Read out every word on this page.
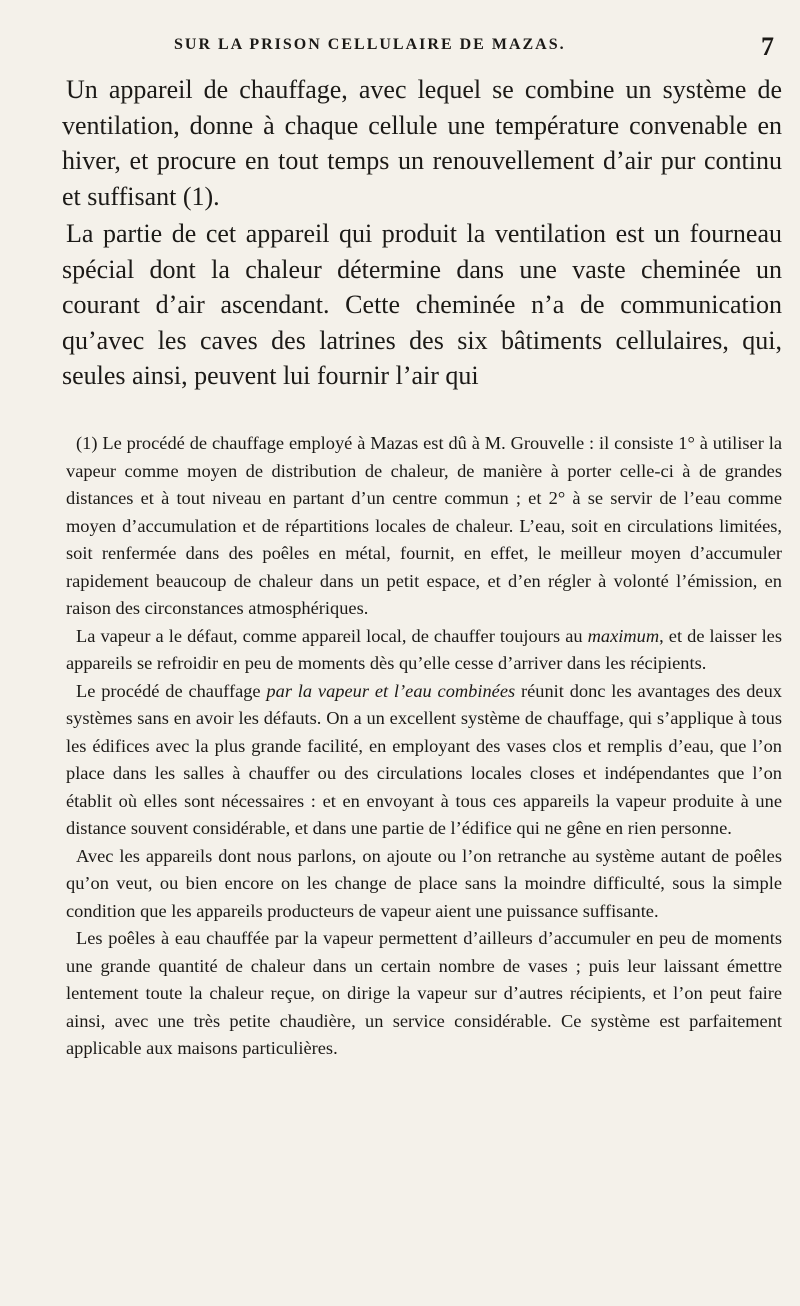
SUR LA PRISON CELLULAIRE DE MAZAS.	7

Un appareil de chauffage, avec lequel se combine un système de ventilation, donne à chaque cellule une température convenable en hiver, et procure en tout temps un renouvellement d’air pur continu et suffisant (1).

La partie de cet appareil qui produit la ventilation est un fourneau spécial dont la chaleur détermine dans une vaste cheminée un courant d’air ascendant. Cette cheminée n’a de communication qu’avec les caves des latrines des six bâtiments cellulaires, qui, seules ainsi, peuvent lui fournir l’air qui

(1) Le procédé de chauffage employé à Mazas est dû à M. Grouvelle : il consiste 1° à utiliser la vapeur comme moyen de distribution de chaleur, de manière à porter celle-ci à de grandes distances et à tout niveau en partant d’un centre commun ; et 2° à se servir de l’eau comme moyen d’accumulation et de répartitions locales de chaleur. L’eau, soit en circulations limitées, soit renfermée dans des poêles en métal, fournit, en effet, le meilleur moyen d’accumuler rapidement beaucoup de chaleur dans un petit espace, et d’en régler à volonté l’émission, en raison des circonstances atmosphériques.

La vapeur a le défaut, comme appareil local, de chauffer toujours au maximum, et de laisser les appareils se refroidir en peu de moments dès qu’elle cesse d’arriver dans les récipients.

Le procédé de chauffage par la vapeur et l’eau combinées réunit donc les avantages des deux systèmes sans en avoir les défauts. On a un excellent système de chauffage, qui s’applique à tous les édifices avec la plus grande facilité, en employant des vases clos et remplis d’eau, que l’on place dans les salles à chauffer ou des circulations locales closes et indépendantes que l’on établit où elles sont nécessaires : et en envoyant à tous ces appareils la vapeur produite à une distance souvent considérable, et dans une partie de l’édifice qui ne gêne en rien personne.

Avec les appareils dont nous parlons, on ajoute ou l’on retranche au système autant de poêles qu’on veut, ou bien encore on les change de place sans la moindre difficulté, sous la simple condition que les appareils producteurs de vapeur aient une puissance suffisante.

Les poêles à eau chauffée par la vapeur permettent d’ailleurs d’accumuler en peu de moments une grande quantité de chaleur dans un certain nombre de vases ; puis leur laissant émettre lentement toute la chaleur reçue, on dirige la vapeur sur d’autres récipients, et l’on peut faire ainsi, avec une très petite chaudière, un service considérable. Ce système est parfaitement applicable aux maisons particulières.
